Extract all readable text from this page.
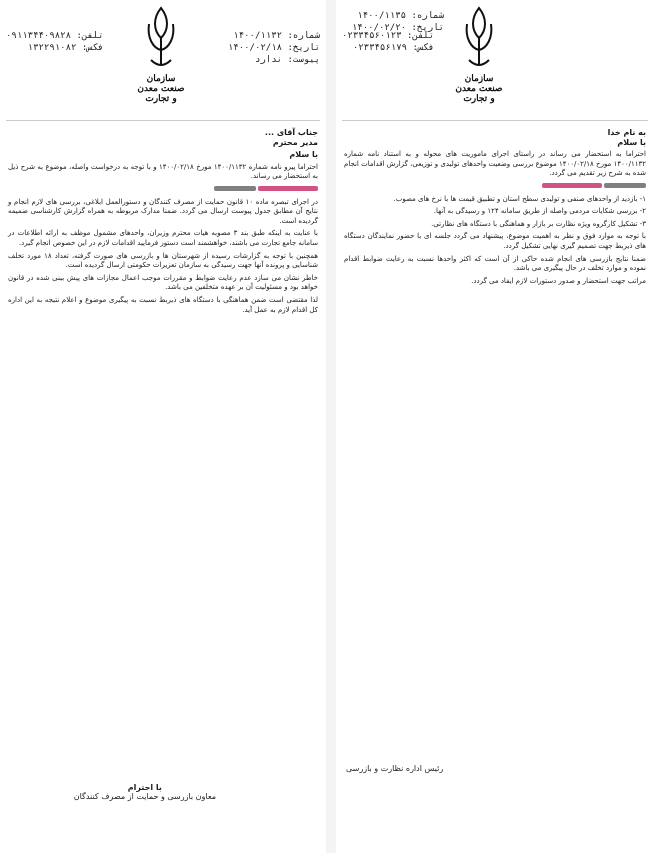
سازمان صنعت معدن و تجارت
شماره: ۱۴۰۰/۱۱۳۲
تاریخ: ۱۴۰۰/۰۲/۱۸
پیوست: ندارد
تلفن: ۰۹۱۱۳۴۴۰۹۸۲۸
فکس: ۱۳۲۲۹۱۰۸۲

جناب آقای ...
مدیر محترم

با سلام

احتراما پیرو نامه شماره ۱۴۰۰/۱۱۳۲ مورخ ۱۴۰۰/۰۲/۱۸ و با توجه به درخواست واصله، موضوع به شرح ذیل به استحضار می رساند.

در اجرای تبصره ماده ۱۰ قانون حمایت از مصرف کنندگان و دستورالعمل ابلاغی، بررسی های لازم انجام و نتایج آن مطابق جدول پیوست ارسال می گردد. ضمنا مدارک مربوطه به همراه گزارش کارشناسی ضمیمه گردیده است.

با عنایت به اینکه طبق بند ۳ مصوبه هیات محترم وزیران، واحدهای مشمول موظف به ارائه اطلاعات در سامانه جامع تجارت می باشند، خواهشمند است دستور فرمایید اقدامات لازم در این خصوص انجام گیرد.

همچنین با توجه به گزارشات رسیده از شهرستان ها و بازرسی های صورت گرفته، تعداد ۱۸ مورد تخلف شناسایی و پرونده آنها جهت رسیدگی به سازمان تعزیرات حکومتی ارسال گردیده است.

خاطر نشان می سازد عدم رعایت ضوابط و مقررات موجب اعمال مجازات های پیش بینی شده در قانون خواهد بود و مسئولیت آن بر عهده متخلفین می باشد.

لذا مقتضی است ضمن هماهنگی با دستگاه های ذیربط نسبت به پیگیری موضوع و اعلام نتیجه به این اداره کل اقدام لازم به عمل آید.

با احترام
معاون بازرسی و حمایت از مصرف کنندگان
سازمان صنعت معدن و تجارت
شماره: ۱۴۰۰/۱۱۳۵
تاریخ: ۱۴۰۰/۰۲/۲۰
تلفن: ۰۲۳۳۴۵۶۰۱۲۳
فکس: ۰۲۳۳۴۵۶۱۷۹

به نام خدا
با سلام

احتراما به استحضار می رساند در راستای اجرای ماموریت های محوله و به استناد نامه شماره ۱۴۰۰/۱۱۳۲ مورخ ۱۴۰۰/۰۲/۱۸ موضوع بررسی وضعیت واحدهای تولیدی و توزیعی، گزارش اقدامات انجام شده به شرح زیر تقدیم می گردد.

۱- بازدید از واحدهای صنفی و تولیدی سطح استان و تطبیق قیمت ها با نرخ های مصوب.

۲- بررسی شکایات مردمی واصله از طریق سامانه ۱۲۴ و رسیدگی به آنها.

۳- تشکیل کارگروه ویژه نظارت بر بازار و هماهنگی با دستگاه های نظارتی.

با توجه به موارد فوق و نظر به اهمیت موضوع، پیشنهاد می گردد جلسه ای با حضور نمایندگان دستگاه های ذیربط جهت تصمیم گیری نهایی تشکیل گردد.

ضمنا نتایج بازرسی های انجام شده حاکی از آن است که اکثر واحدها نسبت به رعایت ضوابط اقدام نموده و موارد تخلف در حال پیگیری می باشد.

مراتب جهت استحضار و صدور دستورات لازم ایفاد می گردد.

رئیس اداره نظارت و بازرسی
